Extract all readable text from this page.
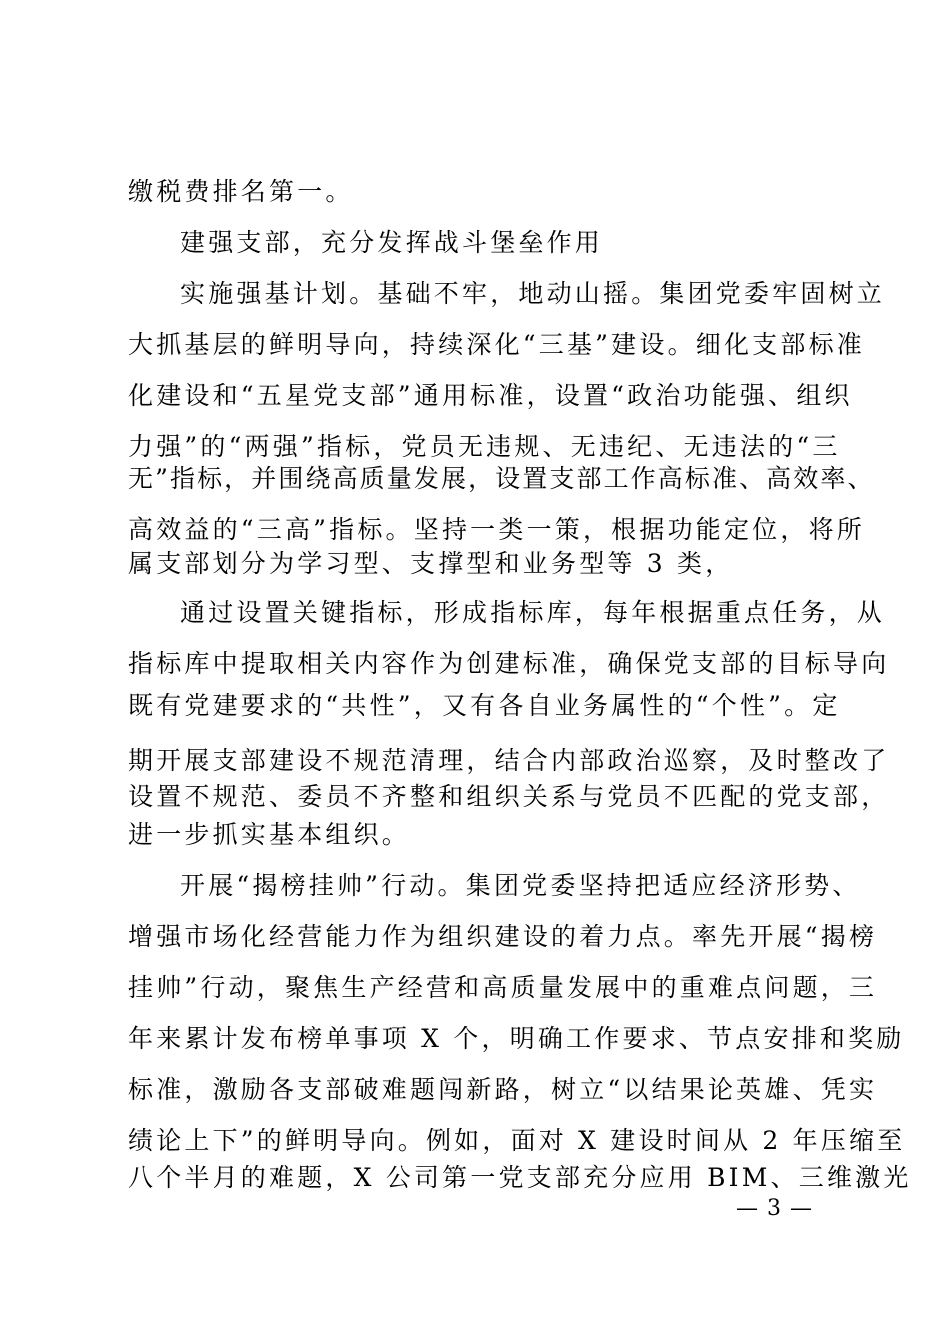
缴税费排名第一。
建强支部，充分发挥战斗堡垒作用
实施强基计划。基础不牢，地动山摇。集团党委牢固树立
大抓基层的鲜明导向，持续深化“三基”建设。细化支部标准
化建设和“五星党支部”通用标准，设置“政治功能强、组织
力强”的“两强”指标，党员无违规、无违纪、无违法的“三
无”指标，并围绕高质量发展，设置支部工作高标准、高效率、
高效益的“三高”指标。坚持一类一策，根据功能定位，将所
属支部划分为学习型、支撑型和业务型等 3 类，
通过设置关键指标，形成指标库，每年根据重点任务，从
指标库中提取相关内容作为创建标准，确保党支部的目标导向
既有党建要求的“共性”，又有各自业务属性的“个性”。定
期开展支部建设不规范清理，结合内部政治巡察，及时整改了
设置不规范、委员不齐整和组织关系与党员不匹配的党支部，
进一步抓实基本组织。
开展“揭榜挂帅”行动。集团党委坚持把适应经济形势、
增强市场化经营能力作为组织建设的着力点。率先开展“揭榜
挂帅”行动，聚焦生产经营和高质量发展中的重难点问题，三
年来累计发布榜单事项 X 个，明确工作要求、节点安排和奖励
标准，激励各支部破难题闯新路，树立“以结果论英雄、凭实
绩论上下”的鲜明导向。例如，面对 X 建设时间从 2 年压缩至
八个半月的难题，X 公司第一党支部充分应用 BIM、三维激光
— 3 —
